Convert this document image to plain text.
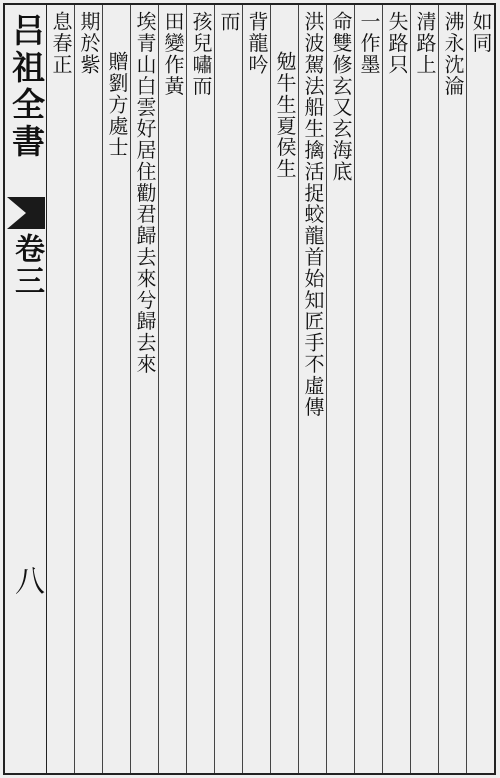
吕祖全書
卷三
八
如同
沸永沈淪
清路上
失路只
一作墨
命雙修玄又玄海底
洪波駕法船生擒活捉蛟龍首始知匠手不虛傳
勉牛生夏侯生
背龍吟
而
孩兒嘯而
田變作黃
埃青山白雲好居住勸君歸去來兮歸去來
贈劉方處士
期於紫
息春正
